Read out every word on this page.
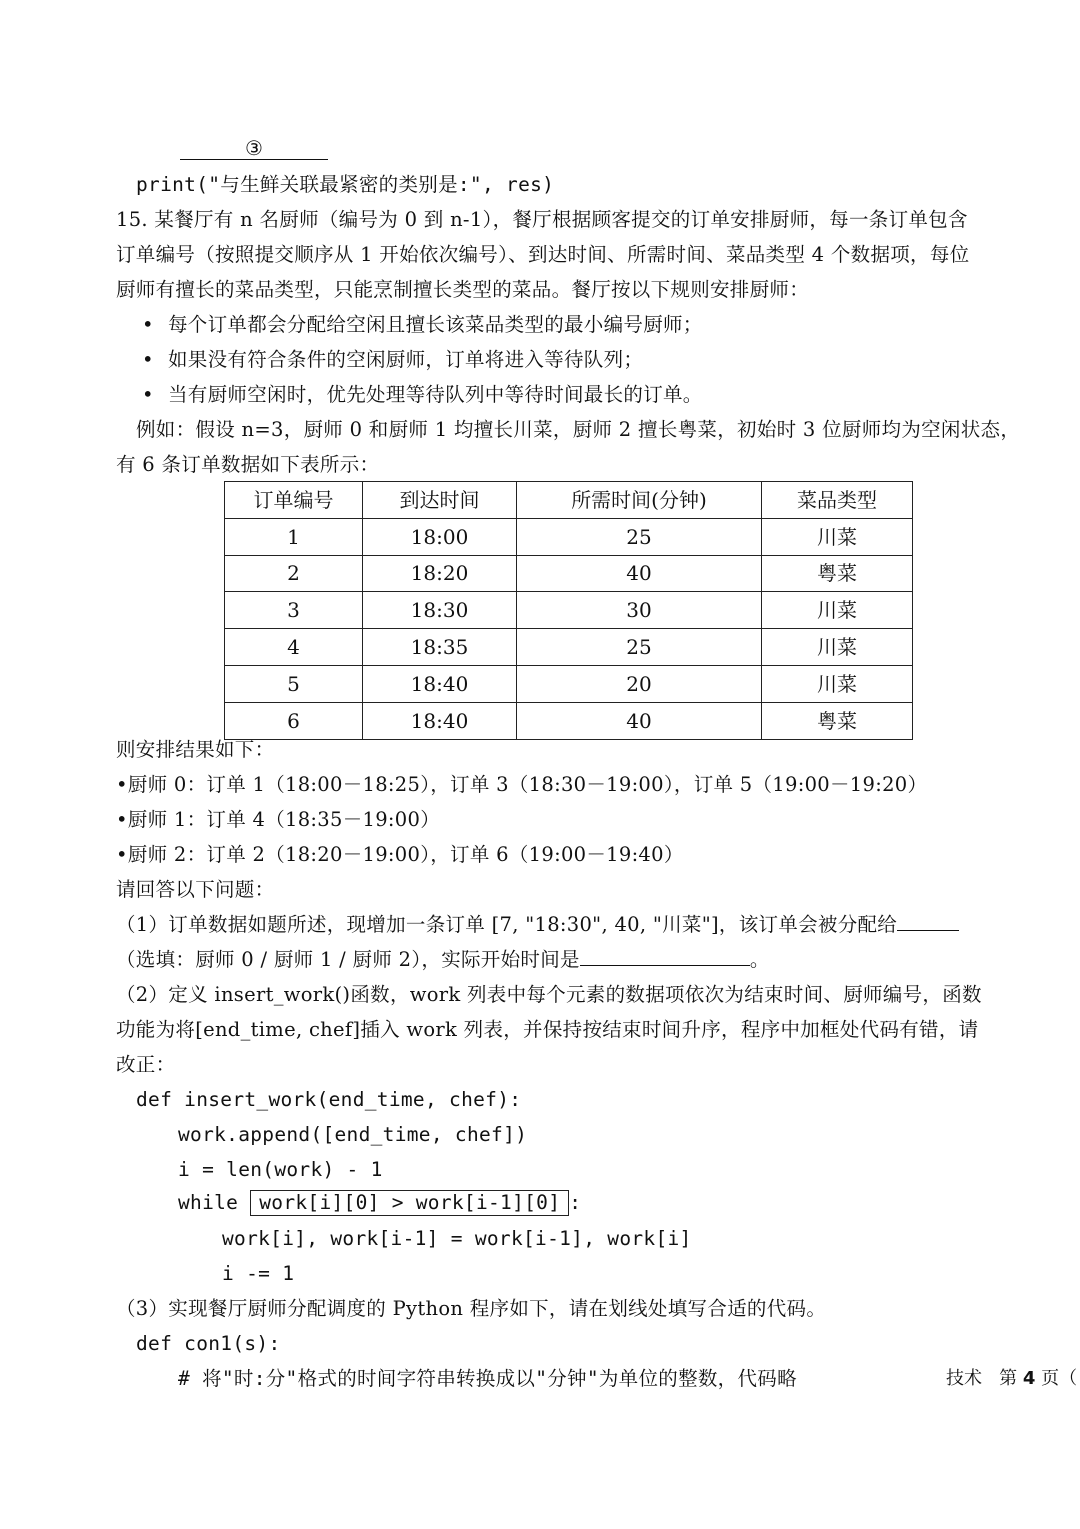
③
print("与生鲜关联最紧密的类别是:", res)
15. 某餐厅有 n 名厨师（编号为 0 到 n-1），餐厅根据顾客提交的订单安排厨师，每一条订单包含
订单编号（按照提交顺序从 1 开始依次编号）、到达时间、所需时间、菜品类型 4 个数据项，每位
厨师有擅长的菜品类型，只能烹制擅长类型的菜品。餐厅按以下规则安排厨师：
• 每个订单都会分配给空闲且擅长该菜品类型的最小编号厨师；
• 如果没有符合条件的空闲厨师，订单将进入等待队列；
• 当有厨师空闲时，优先处理等待队列中等待时间最长的订单。
例如：假设 n=3，厨师 0 和厨师 1 均擅长川菜，厨师 2 擅长粤菜，初始时 3 位厨师均为空闲状态，
有 6 条订单数据如下表所示：
订单编号	到达时间	所需时间(分钟)	菜品类型
1	18:00	25	川菜
2	18:20	40	粤菜
3	18:30	30	川菜
4	18:35	25	川菜
5	18:40	20	川菜
6	18:40	40	粤菜
则安排结果如下：
•厨师 0：订单 1（18:00－18:25），订单 3（18:30－19:00），订单 5（19:00－19:20）
•厨师 1：订单 4（18:35－19:00）
•厨师 2：订单 2（18:20－19:00），订单 6（19:00－19:40）
请回答以下问题：
（1）订单数据如题所述，现增加一条订单 [7, "18:30", 40, "川菜"]，该订单会被分配给
（选填：厨师 0 / 厨师 1 / 厨师 2），实际开始时间是	。
（2）定义 insert_work()函数，work 列表中每个元素的数据项依次为结束时间、厨师编号，函数
功能为将[end_time, chef]插入 work 列表，并保持按结束时间升序，程序中加框处代码有错，请
改正：
def insert_work(end_time, chef):
work.append([end_time, chef])
i = len(work) - 1
while work[i][0] > work[i-1][0] :
work[i], work[i-1] = work[i-1], work[i]
i -= 1
（3）实现餐厅厨师分配调度的 Python 程序如下，请在划线处填写合适的代码。
def con1(s):
# 将"时:分"格式的时间字符串转换成以"分钟"为单位的整数，代码略	技术 第 4 页（
